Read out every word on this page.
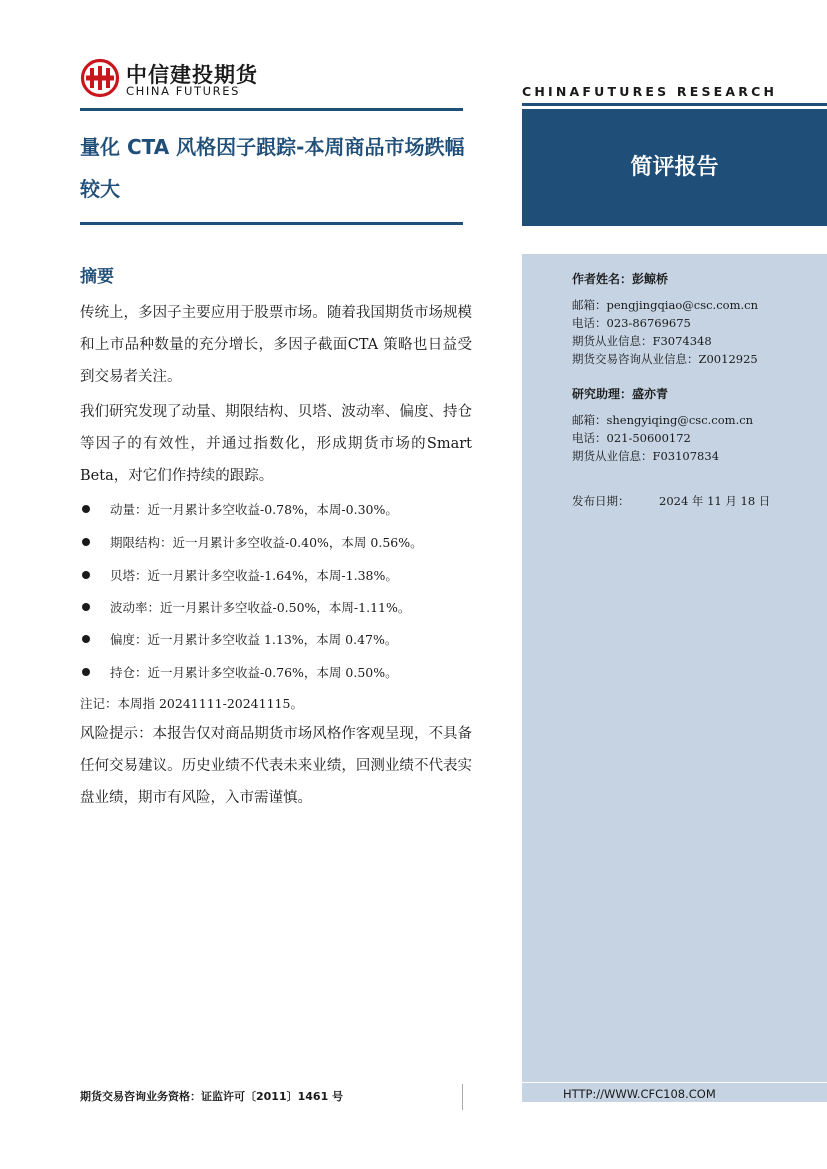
中信建投期货
CHINA FUTURES	CHINAFUTURES RESEARCH
量化 CTA 风格因子跟踪-本周商品市场跌幅较大
简评报告
作者姓名：彭鲸桥
邮箱：pengjingqiao@csc.com.cn
电话：023-86769675
期货从业信息：F3074348
期货交易咨询从业信息：Z0012925
研究助理：盛亦青
邮箱：shengyiqing@csc.com.cn
电话：021-50600172
期货从业信息：F03107834
发布日期：	2024 年 11 月 18 日
摘要
传统上，多因子主要应用于股票市场。随着我国期货市场规模和上市品种数量的充分增长，多因子截面CTA 策略也日益受到交易者关注。
我们研究发现了动量、期限结构、贝塔、波动率、偏度、持仓等因子的有效性，并通过指数化，形成期货市场的Smart Beta，对它们作持续的跟踪。
动量：近一月累计多空收益-0.78%，本周-0.30%。
期限结构：近一月累计多空收益-0.40%，本周 0.56%。
贝塔：近一月累计多空收益-1.64%，本周-1.38%。
波动率：近一月累计多空收益-0.50%，本周-1.11%。
偏度：近一月累计多空收益 1.13%，本周 0.47%。
持仓：近一月累计多空收益-0.76%，本周 0.50%。
注记：本周指 20241111-20241115。
风险提示：本报告仅对商品期货市场风格作客观呈现，不具备任何交易建议。历史业绩不代表未来业绩，回测业绩不代表实盘业绩，期市有风险，入市需谨慎。
期货交易咨询业务资格：证监许可〔2011〕1461 号	HTTP://WWW.CFC108.COM
